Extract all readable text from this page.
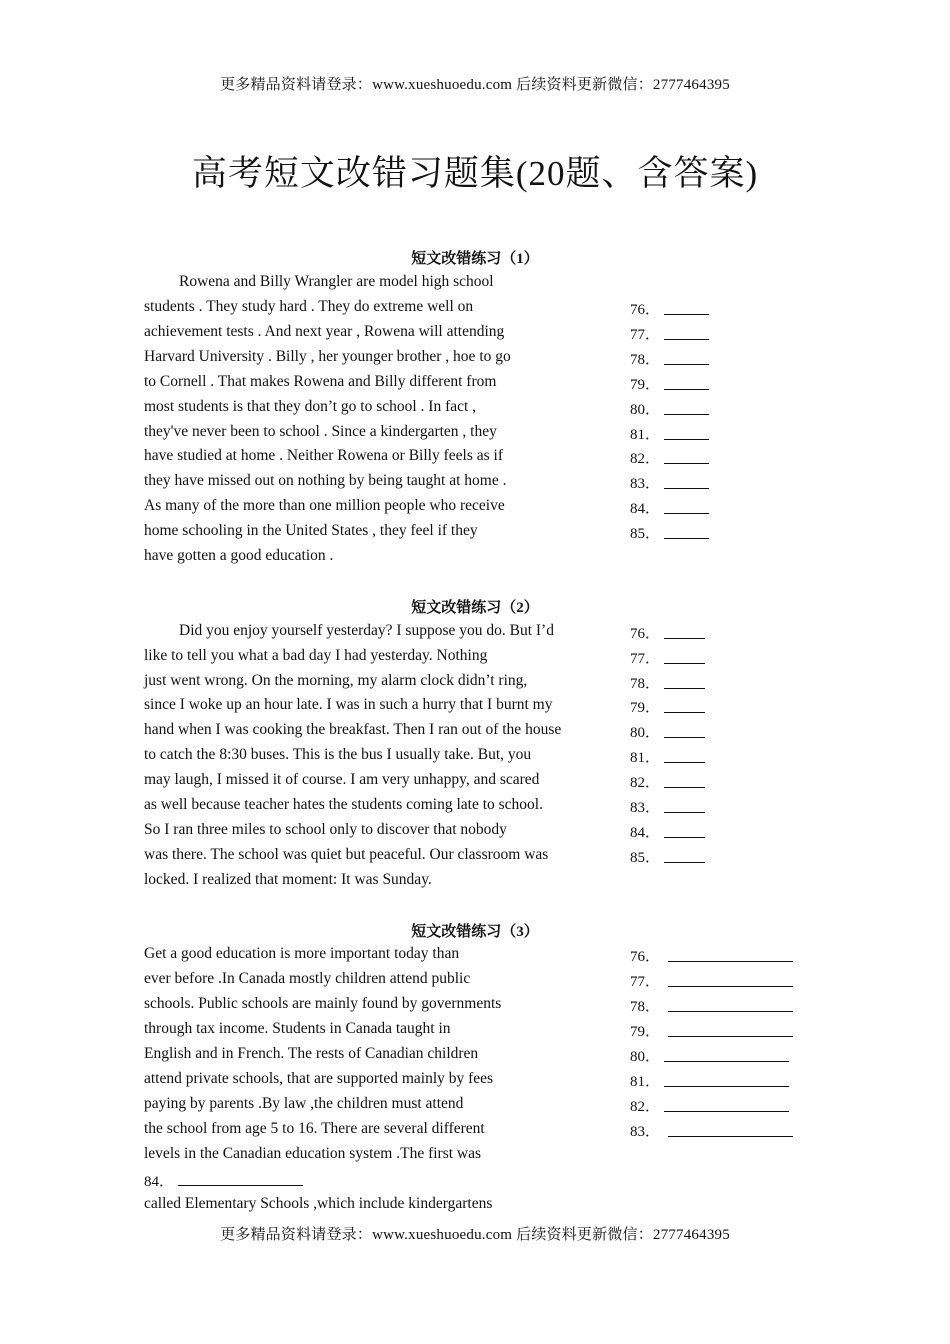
更多精品资料请登录：www.xueshuoedu.com 后续资料更新微信：2777464395
高考短文改错习题集(20题、含答案)
短文改错练习（1）
Rowena and Billy Wrangler are model high school
students . They study hard . They do extreme well on
achievement tests . And next year , Rowena will attending
Harvard University . Billy , her younger brother , hoe to go
to Cornell . That makes Rowena and Billy different from
most students is that they don’t go to school . In fact ,
they've never been to school . Since a kindergarten , they
have studied at home . Neither Rowena or Billy feels as if
they have missed out on nothing by being taught at home .
As many of the more than one million people who receive
home schooling in the United States , they feel if they
have gotten a good education .
76．
77．
78．
79．
80．
81．
82．
83．
84．
85．
短文改错练习（2）
Did you enjoy yourself yesterday? I suppose you do. But I’d
like to tell you what a bad day I had yesterday. Nothing
just went wrong. On the morning, my alarm clock didn’t ring,
since I woke up an hour late. I was in such a hurry that I burnt my
hand when I was cooking the breakfast. Then I ran out of the house
to catch the 8:30 buses. This is the bus I usually take. But, you
may laugh, I missed it of course. I am very unhappy, and scared
as well because teacher hates the students coming late to school.
So I ran three miles to school only to discover that nobody
was there. The school was quiet but peaceful. Our classroom was
locked. I realized that moment: It was Sunday.
76．
77．
78．
79．
80．
81．
82．
83．
84．
85．
短文改错练习（3）
Get a good education is more important today than
ever before .In Canada mostly children attend public
schools. Public schools are mainly found by governments
through tax income. Students in Canada taught in
English and in French. The rests of Canadian children
attend private schools, that are supported mainly by fees
paying by parents .By law ,the children must attend
the school from age 5 to 16. There are several different
levels in the Canadian education system .The first was
84．
called Elementary Schools ,which include kindergartens
76．
77．
78．
79．
80．
81．
82．
83．
更多精品资料请登录：www.xueshuoedu.com 后续资料更新微信：2777464395
